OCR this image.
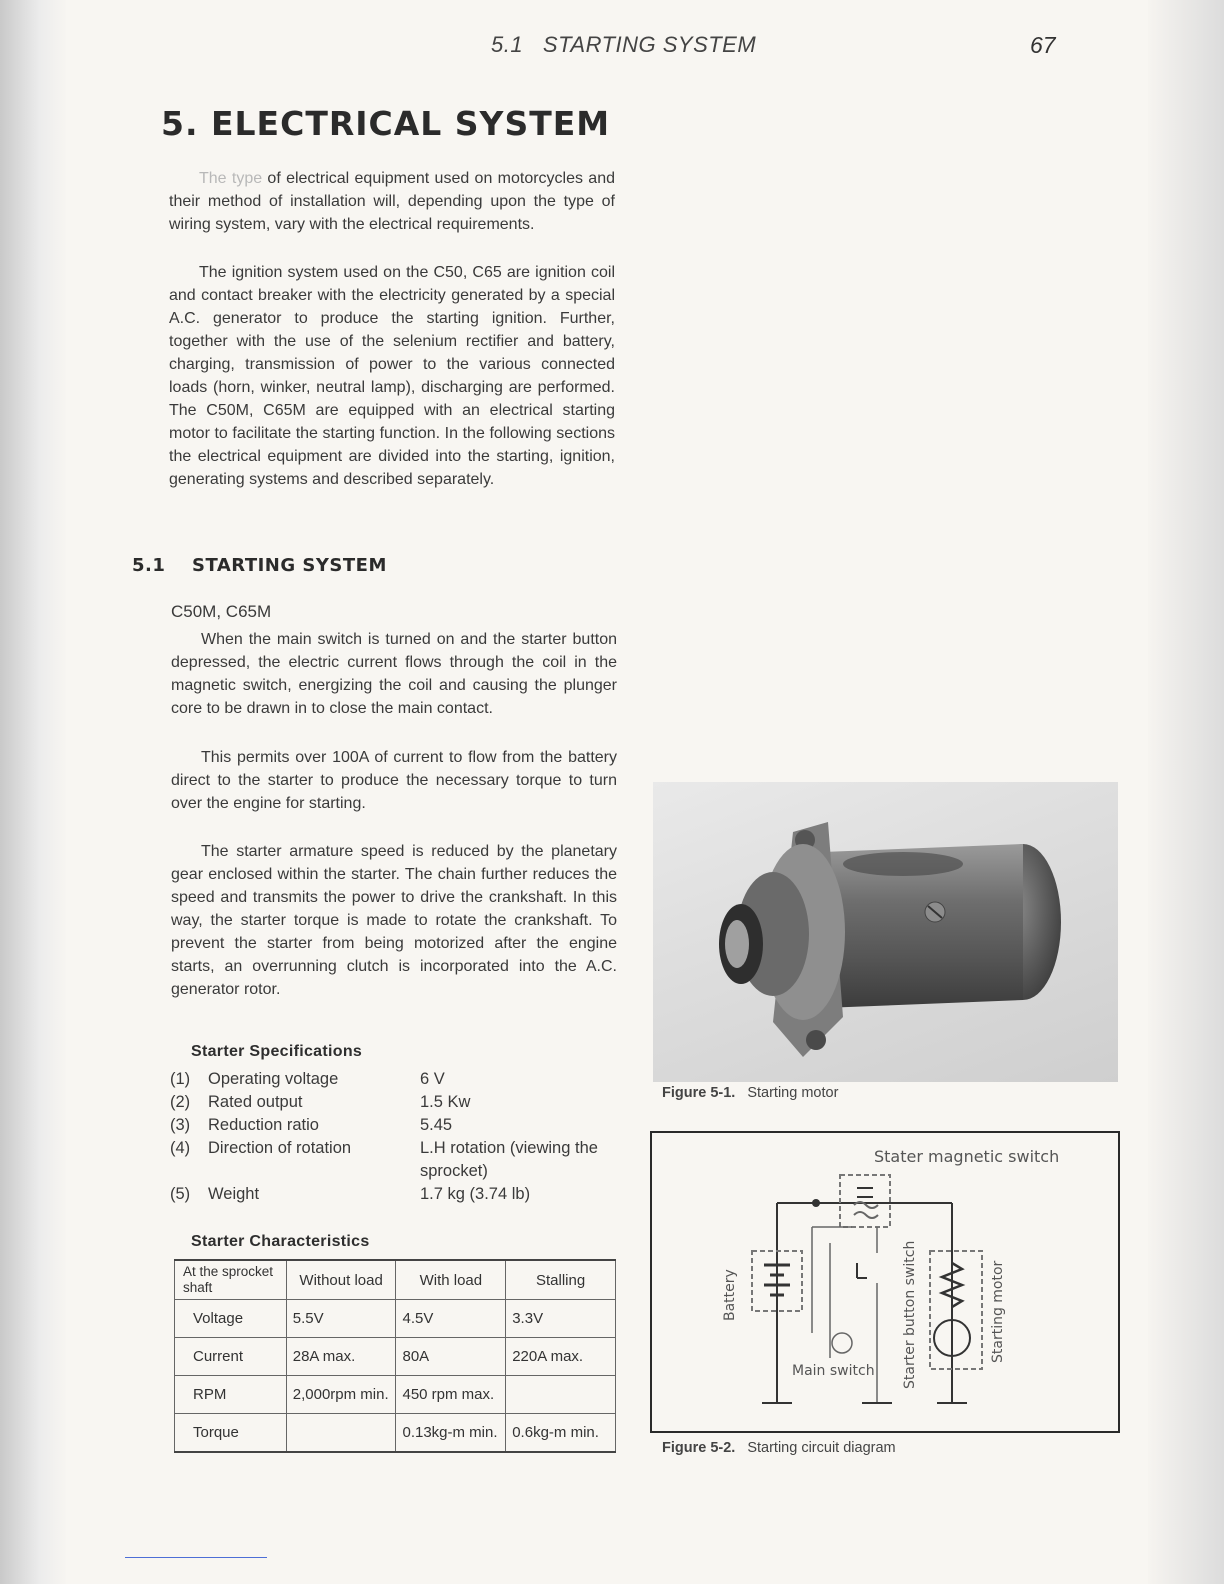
5.1   STARTING SYSTEM	67
5. ELECTRICAL SYSTEM

The type of electrical equipment used on motorcycles and their method of installation will, depending upon the type of wiring system, vary with the electrical requirements.

The ignition system used on the C50, C65 are ignition coil and contact breaker with the electricity generated by a special A.C. generator to produce the starting ignition. Further, together with the use of the selenium rectifier and battery, charging, transmission of power to the various connected loads (horn, winker, neutral lamp), discharging are performed. The C50M, C65M are equipped with an electrical starting motor to facilitate the starting function. In the following sections the electrical equipment are divided into the starting, ignition, generating systems and described separately.

5.1 STARTING SYSTEM
C50M, C65M

When the main switch is turned on and the starter button depressed, the electric current flows through the coil in the magnetic switch, energizing the coil and causing the plunger core to be drawn in to close the main contact.

This permits over 100A of current to flow from the battery direct to the starter to produce the necessary torque to turn over the engine for starting.

The starter armature speed is reduced by the planetary gear enclosed within the starter. The chain further reduces the speed and transmits the power to drive the crankshaft. In this way, the starter torque is made to rotate the crankshaft. To prevent the starter from being motorized after the engine starts, an overrunning clutch is incorporated into the A.C. generator rotor.

Starter Specifications
(1)	Operating voltage	6 V
(2)	Rated output	1.5 Kw
(3)	Reduction ratio	5.45
(4)	Direction of rotation	L.H rotation (viewing the sprocket)
(5)	Weight	1.7 kg (3.74 lb)
Starter Characteristics
At the sprocket shaft	Without load	With load	Stalling
Voltage	5.5V	4.5V	3.3V
Current	28A max.	80A	220A max.
RPM	2,000rpm min.	450 rpm max.	
Torque		0.13kg-m min.	0.6kg-m min.
Figure 5-1. Starting motor
Stater magnetic switch
Battery
Main switch Starter button switch	Starting motor
Figure 5-2. Starting circuit diagram
